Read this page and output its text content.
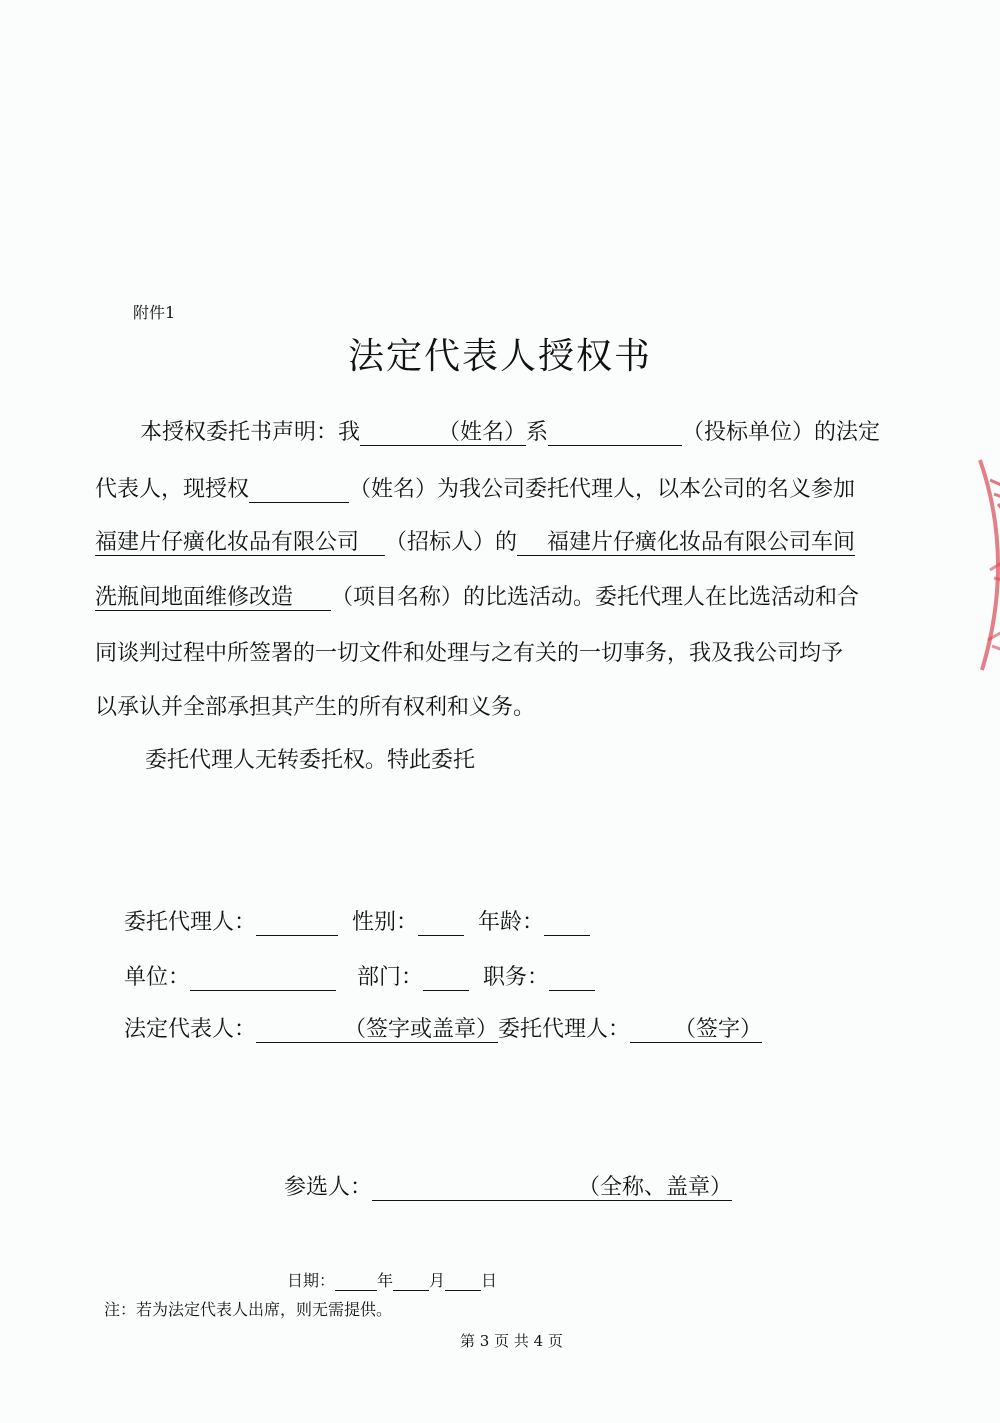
附件1
法定代表人授权书
本授权委托书声明：我	（姓名）系	（投标单位）的法定
代表人，现授权	（姓名）为我公司委托代理人，以本公司的名义参加
福建片仔癀化妆品有限公司 （招标人）的 福建片仔癀化妆品有限公司车间
洗瓶间地面维修改造 （项目名称）的比选活动。委托代理人在比选活动和合
同谈判过程中所签署的一切文件和处理与之有关的一切事务，我及我公司均予
以承认并全部承担其产生的所有权利和义务。
委托代理人无转委托权。特此委托
委托代理人：	性别：	年龄：
单位：	部门：	职务：
法定代表人：	（签字或盖章）委托代理人： （签字）
参选人：	（全称、盖章）
日期：	年 月 日
注：若为法定代表人出席，则无需提供。
第 3 页 共 4 页
